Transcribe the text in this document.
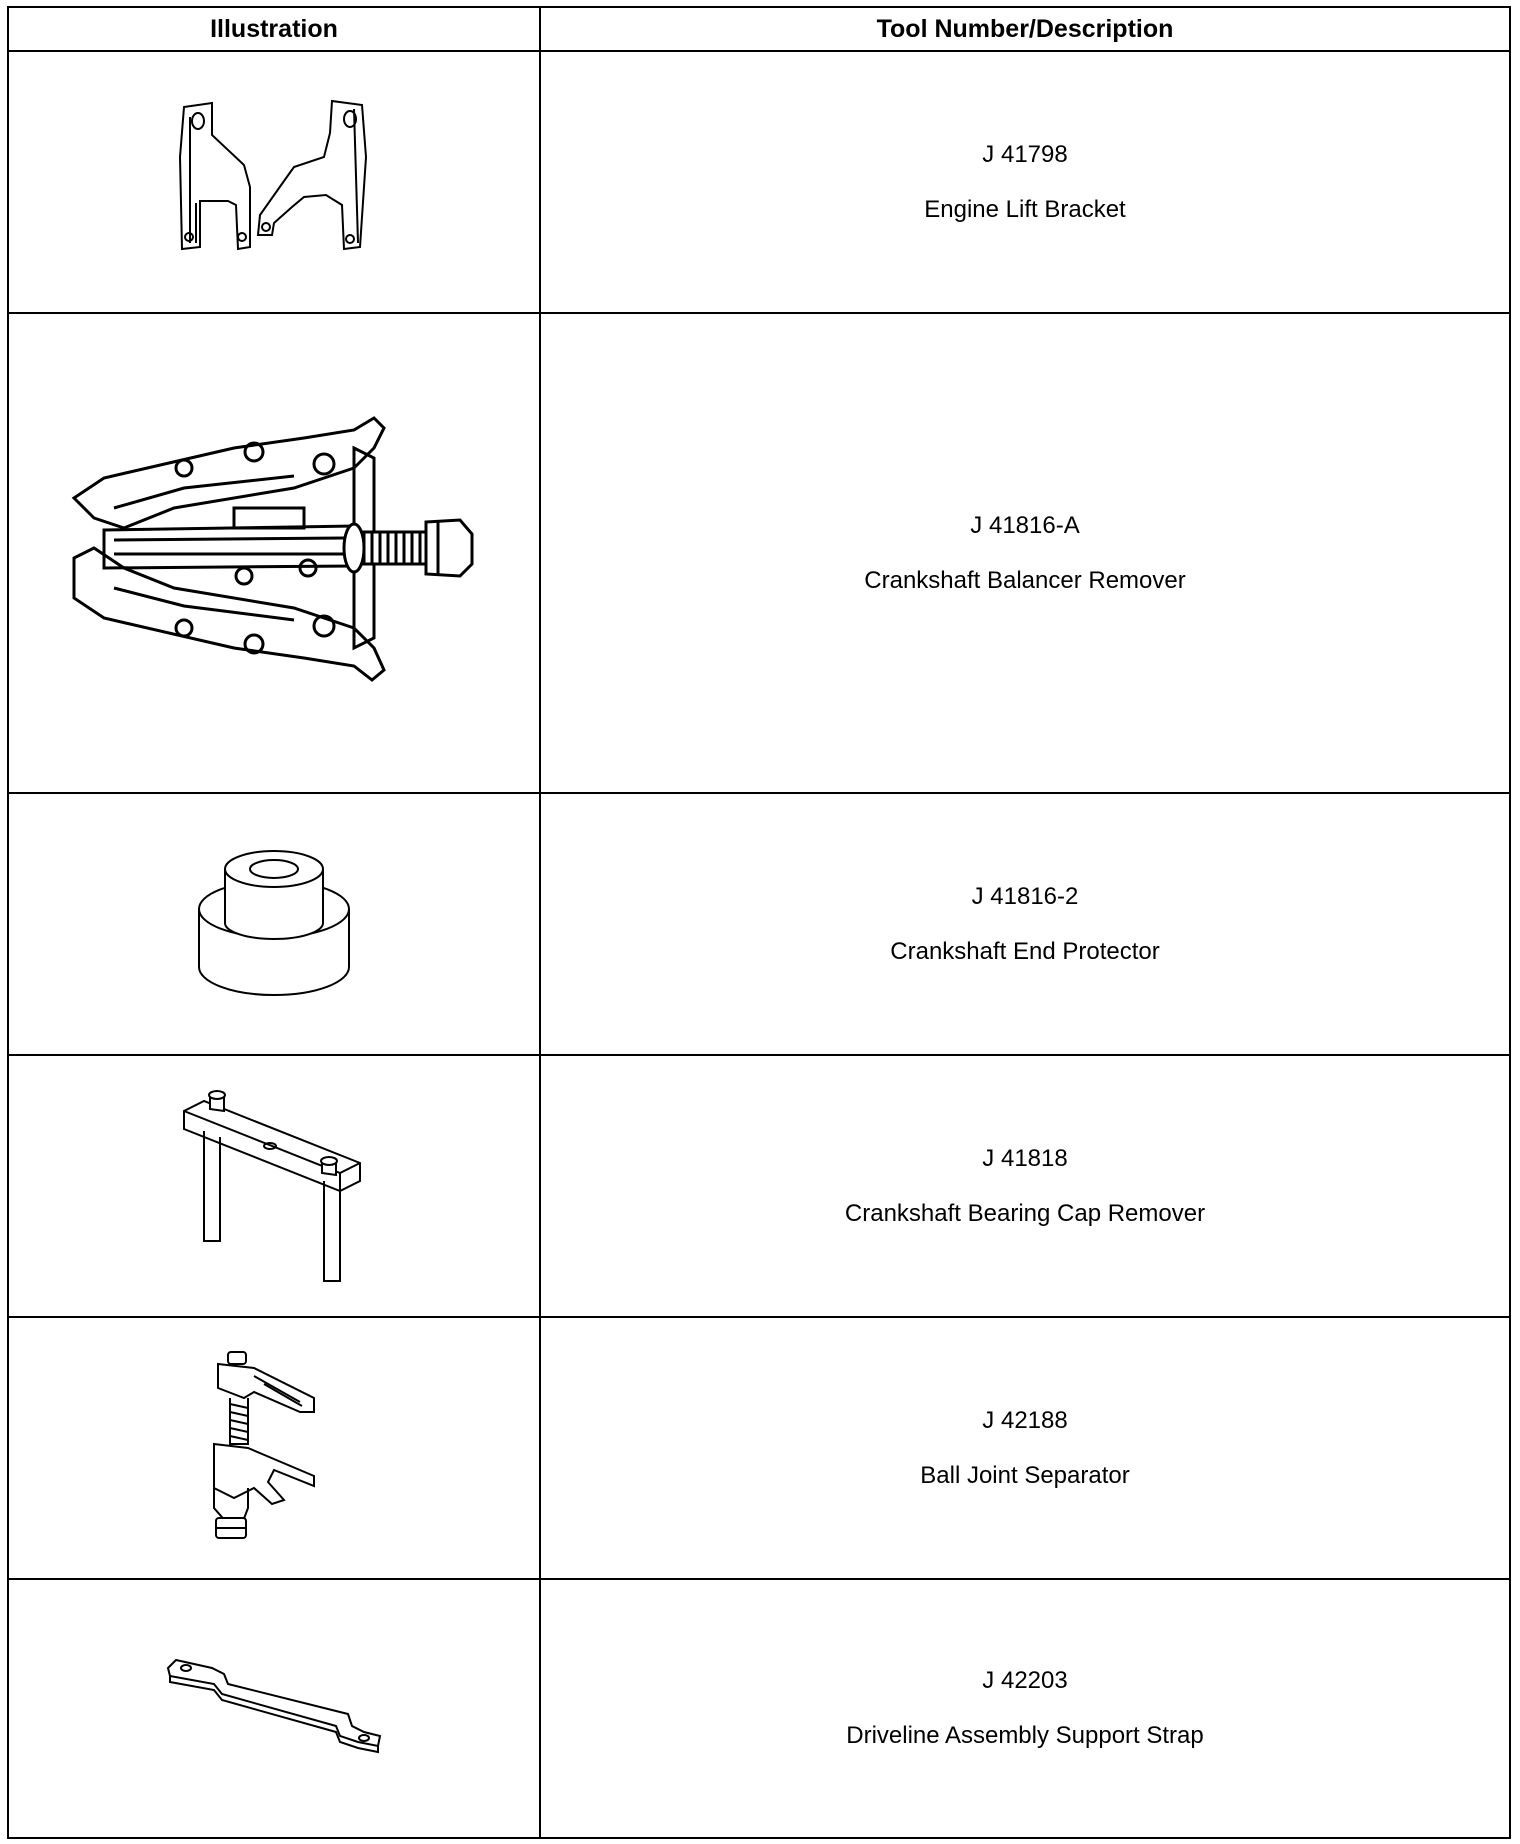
Illustration	Tool Number/Description

J 41798
Engine Lift Bracket

J 41816-A
Crankshaft Balancer Remover

J 41816-2
Crankshaft End Protector

J 41818
Crankshaft Bearing Cap Remover

J 42188
Ball Joint Separator

J 42203
Driveline Assembly Support Strap
